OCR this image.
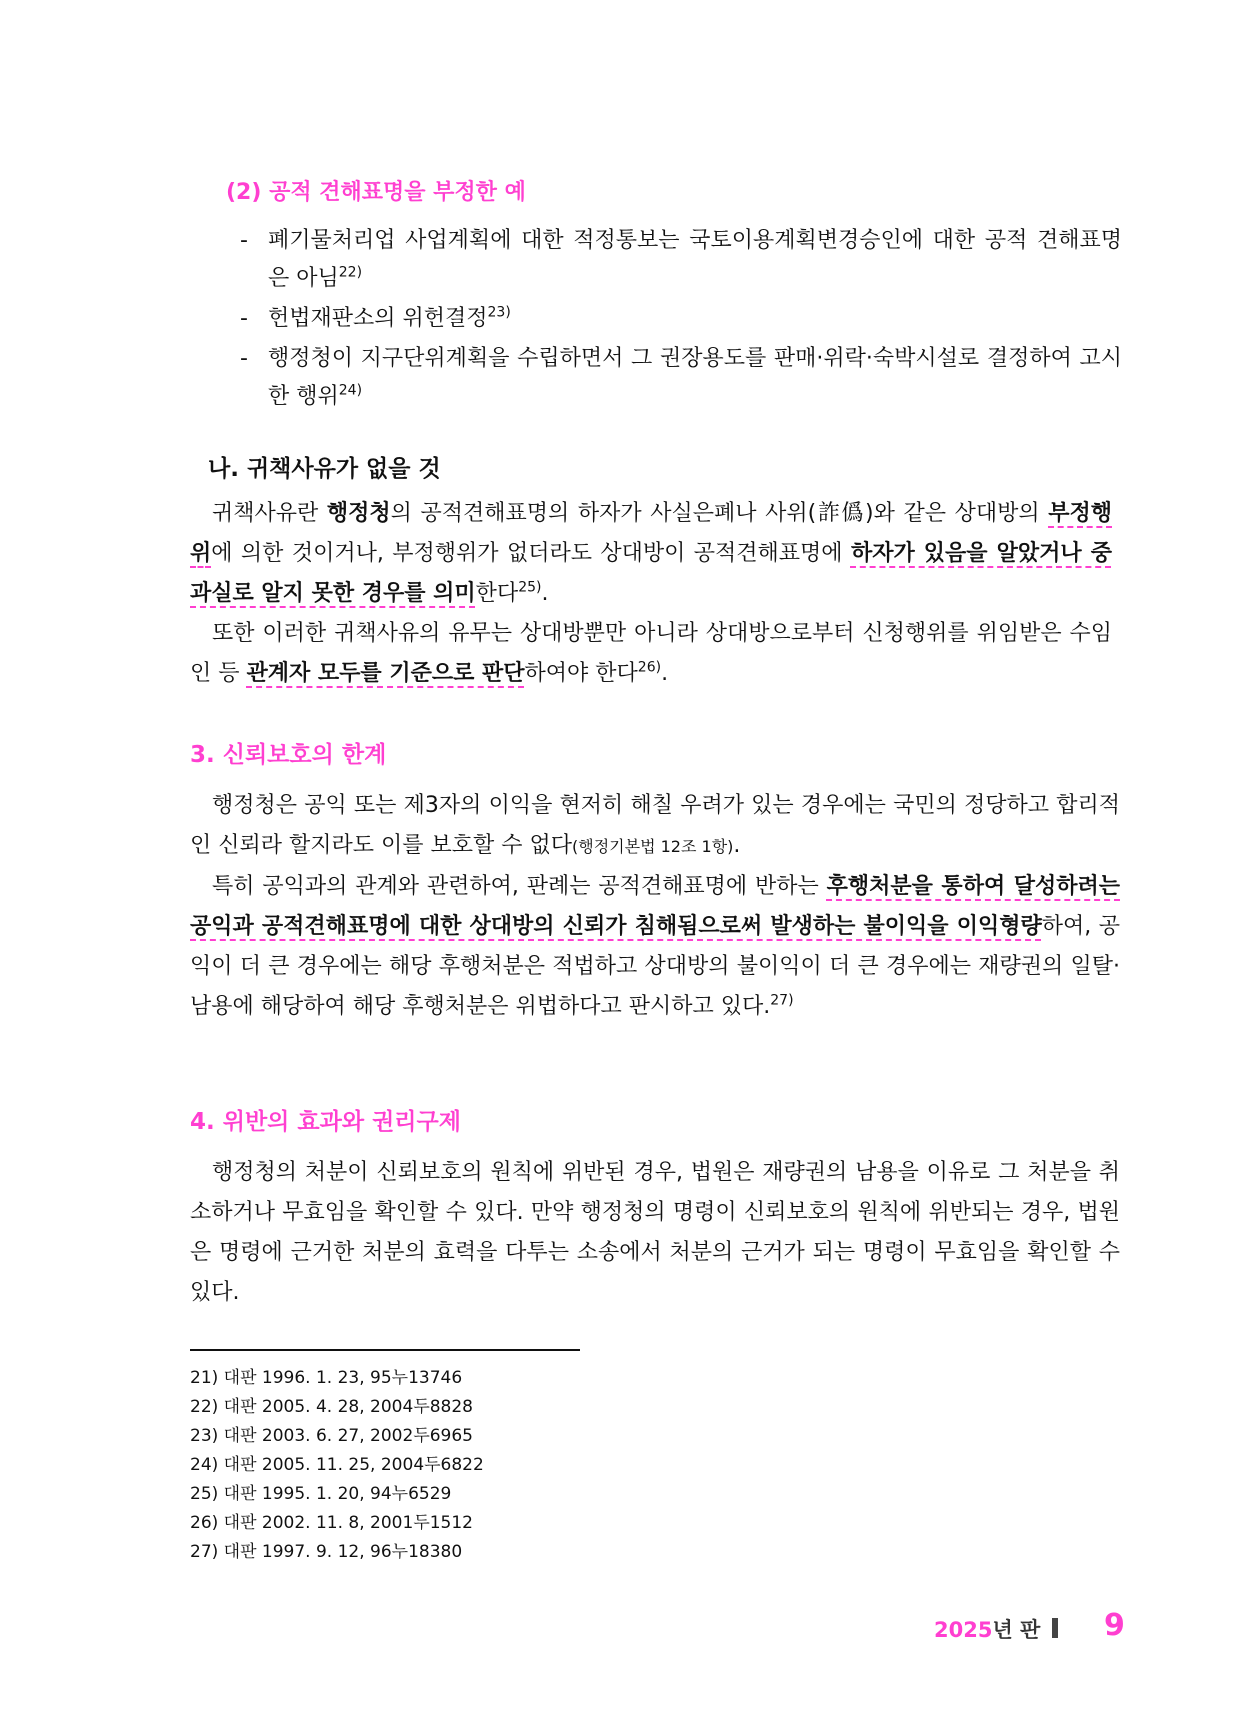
(2) 공적 견해표명을 부정한 예
- 폐기물처리업 사업계획에 대한 적정통보는 국토이용계획변경승인에 대한 공적 견해표명은 아님$^{22)}$
- 헌법재판소의 위헌결정$^{23)}$
- 행정청이 지구단위계획을 수립하면서 그 권장용도를 판매·위락·숙박시설로 결정하여 고시한 행위$^{24)}$
나. 귀책사유가 없을 것

귀책사유란 행정청의 공적견해표명의 하자가 사실은폐나 사위(詐僞)와 같은 상대방의 부정행위에 의한 것이거나, 부정행위가 없더라도 상대방이 공적견해표명에 하자가 있음을 알았거나 중과실로 알지 못한 경우를 의미한다$^{25)}$.

또한 이러한 귀책사유의 유무는 상대방뿐만 아니라 상대방으로부터 신청행위를 위임받은 수임인 등 관계자 모두를 기준으로 판단하여야 한다$^{26)}$.

3. 신뢰보호의 한계

행정청은 공익 또는 제3자의 이익을 현저히 해칠 우려가 있는 경우에는 국민의 정당하고 합리적인 신뢰라 할지라도 이를 보호할 수 없다(행정기본법 12조 1항).

특히 공익과의 관계와 관련하여, 판례는 공적견해표명에 반하는 후행처분을 통하여 달성하려는 공익과 공적견해표명에 대한 상대방의 신뢰가 침해됨으로써 발생하는 불이익을 이익형량하여, 공익이 더 큰 경우에는 해당 후행처분은 적법하고 상대방의 불이익이 더 큰 경우에는 재량권의 일탈·남용에 해당하여 해당 후행처분은 위법하다고 판시하고 있다.$^{27)}$

4. 위반의 효과와 권리구제

행정청의 처분이 신뢰보호의 원칙에 위반된 경우, 법원은 재량권의 남용을 이유로 그 처분을 취소하거나 무효임을 확인할 수 있다. 만약 행정청의 명령이 신뢰보호의 원칙에 위반되는 경우, 법원은 명령에 근거한 처분의 효력을 다투는 소송에서 처분의 근거가 되는 명령이 무효임을 확인할 수 있다.

21) 대판 1996. 1. 23, 95누13746
22) 대판 2005. 4. 28, 2004두8828
23) 대판 2003. 6. 27, 2002두6965
24) 대판 2005. 11. 25, 2004두6822
25) 대판 1995. 1. 20, 94누6529
26) 대판 2002. 11. 8, 2001두1512
27) 대판 1997. 9. 12, 96누18380
2025년 판 9
